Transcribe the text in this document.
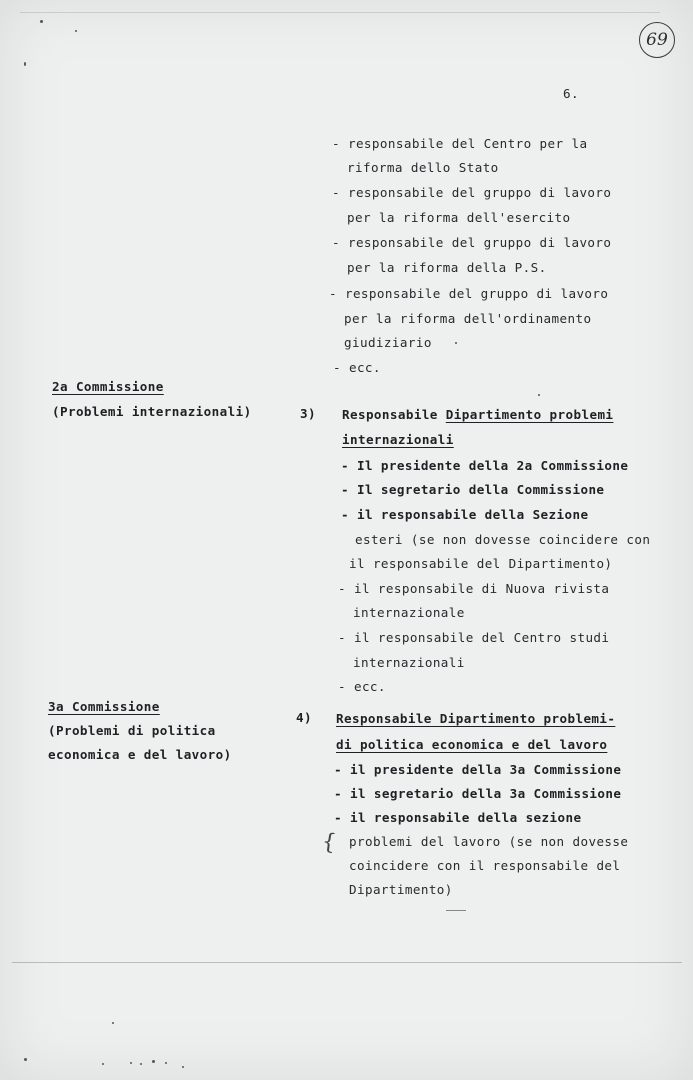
69
6.
- responsabile del Centro per la
riforma dello Stato
- responsabile del gruppo di lavoro
per la riforma dell'esercito
- responsabile del gruppo di lavoro
per la riforma della P.S.
- responsabile del gruppo di lavoro
per la riforma dell'ordinamento
giudiziario
- ecc.
2a Commissione
(Problemi internazionali)	3) Responsabile Dipartimento problemi
internazionali
- Il presidente della 2a Commissione
- Il segretario della Commissione
- il responsabile della Sezione
esteri (se non dovesse coincidere con
il responsabile del Dipartimento)
- il responsabile di Nuova rivista
internazionale
- il responsabile del Centro studi
internazionali
- ecc.
3a Commissione
(Problemi di politica
economica e del lavoro)
4) Responsabile Dipartimento problemi-
di politica economica e del lavoro
- il presidente della 3a Commissione
- il segretario della 3a Commissione
- il responsabile della sezione
problemi del lavoro (se non dovesse
coincidere con il responsabile del
Dipartimento)
{
